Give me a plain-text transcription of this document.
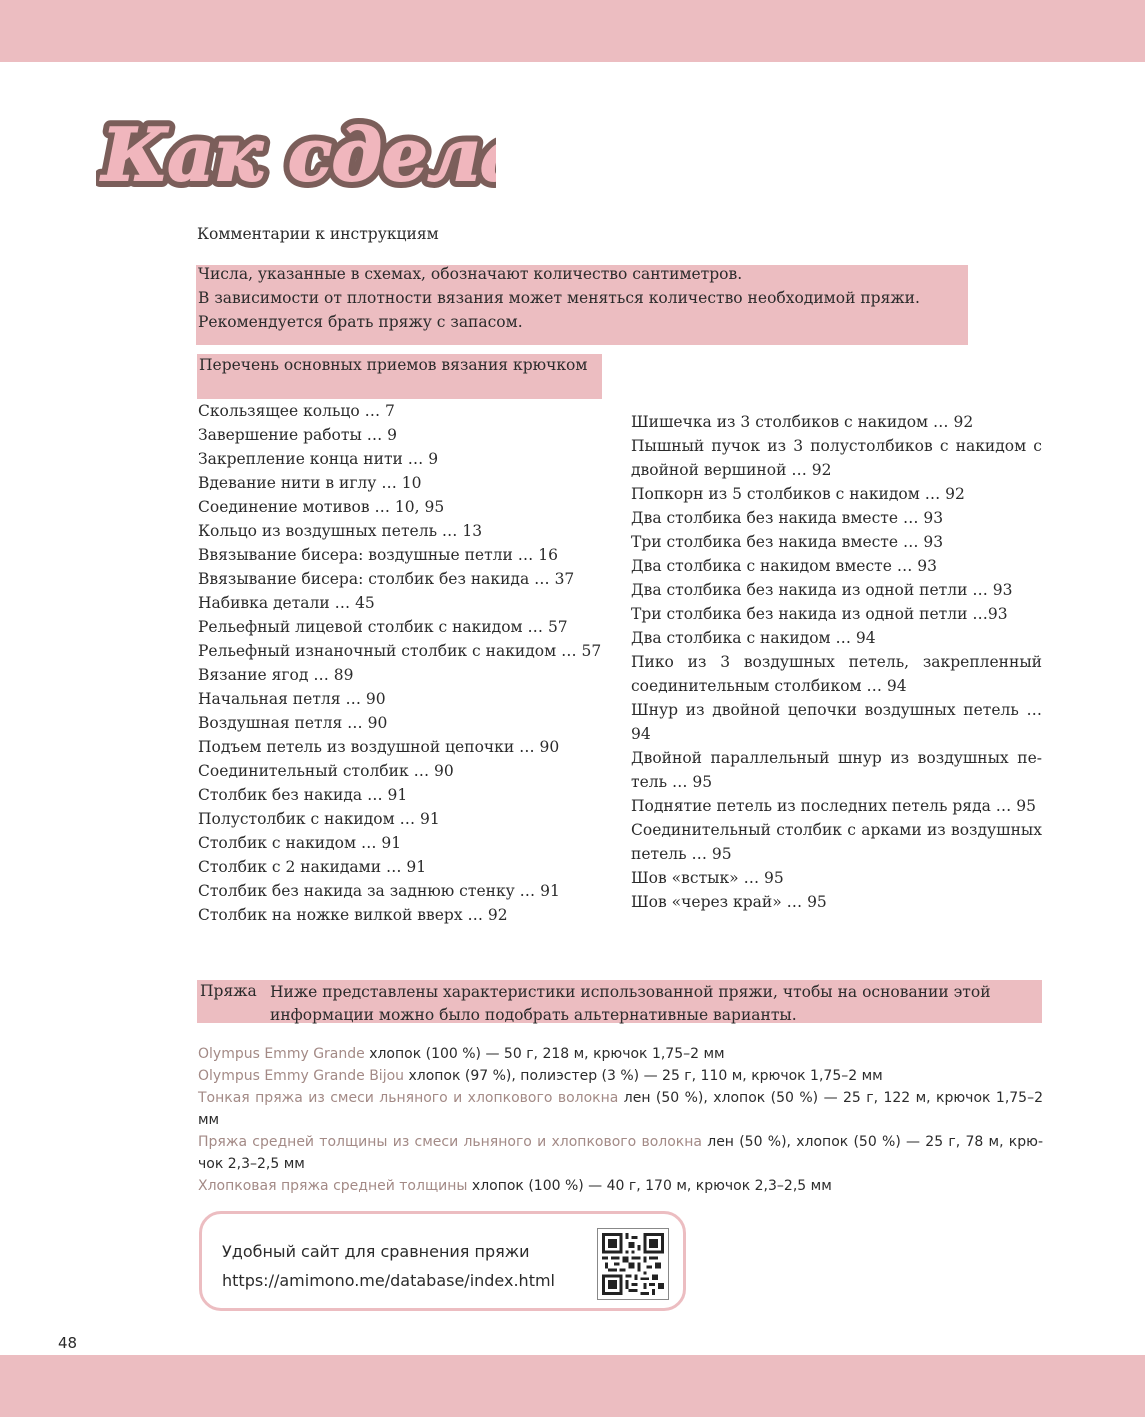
Как сдел
Как сдел
Комментарии к инструкциям
Числа, указанные в схемах, обозначают количество сантиметров.
В зависимости от плотности вязания может меняться количество необходимой пряжи.
Рекомендуется брать пряжу с запасом.
Перечень основных приемов вязания крючком
Скользящее кольцо … 7
Завершение работы … 9
Закрепление конца нити … 9
Вдевание нити в иглу … 10
Соединение мотивов … 10, 95
Кольцо из воздушных петель … 13
Ввязывание бисера: воздушные петли … 16
Ввязывание бисера: столбик без накида … 37
Набивка детали … 45
Рельефный лицевой столбик с накидом … 57
Рельефный изнаночный столбик с накидом … 57
Вязание ягод … 89
Начальная петля … 90
Воздушная петля … 90
Подъем петель из воздушной цепочки … 90
Соединительный столбик … 90
Столбик без накида … 91
Полустолбик с накидом … 91
Столбик с накидом … 91
Столбик с 2 накидами … 91
Столбик без накида за заднюю стенку … 91
Столбик на ножке вилкой вверх … 92
Шишечка из 3 столбиков с накидом … 92
Пышный пучок из 3 полустолбиков с накидом с двойной вершиной … 92
Попкорн из 5 столбиков с накидом … 92
Два столбика без накида вместе … 93
Три столбика без накида вместе … 93
Два столбика с накидом вместе … 93
Два столбика без накида из одной петли … 93
Три столбика без накида из одной петли …93
Два столбика с накидом … 94
Пико из 3 воздушных петель, закрепленный соединительным столбиком … 94
Шнур из двойной цепочки воздушных петель … 94
Двойной параллельный шнур из воздушных петель … 95
Поднятие петель из последних петель ряда … 95
Соединительный столбик с арками из воздушных петель … 95
Шов «встык» … 95
Шов «через край» … 95
Пряжа Ниже представлены характеристики использованной пряжи, чтобы на основании этой информации можно было подобрать альтернативные варианты.
Olympus Emmy Grande хлопок (100 %) — 50 г, 218 м, крючок 1,75–2 мм
Olympus Emmy Grande Bijou хлопок (97 %), полиэстер (3 %) — 25 г, 110 м, крючок 1,75–2 мм
Тонкая пряжа из смеси льняного и хлопкового волокна лен (50 %), хлопок (50 %) — 25 г, 122 м, крючок 1,75–2 мм
Пряжа средней толщины из смеси льняного и хлопкового волокна лен (50 %), хлопок (50 %) — 25 г, 78 м, крючок 2,3–2,5 мм
Хлопковая пряжа средней толщины хлопок (100 %) — 40 г, 170 м, крючок 2,3–2,5 мм
Удобный сайт для сравнения пряжи
https://amimono.me/database/index.html
48
